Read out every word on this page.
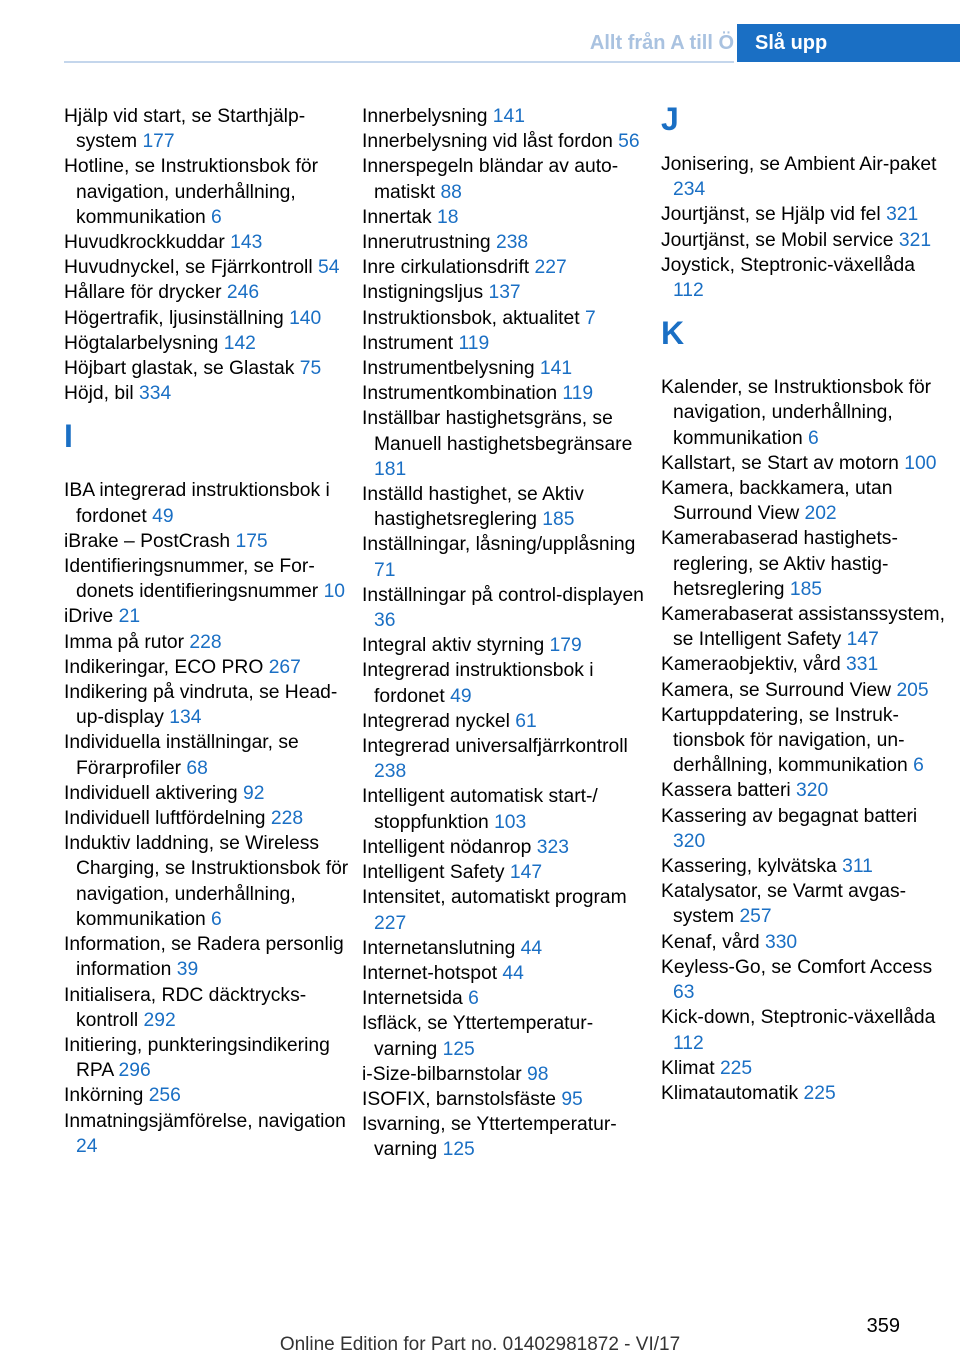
Allt från A till Ö	Slå upp

Hjälp vid start, se Starthjälpsystem 177

Hotline, se Instruktionsbok för navigation, underhållning, kommunikation 6

Huvudkrockkuddar 143

Huvudnyckel, se Fjärrkontroll 54

Hållare för drycker 246

Högertrafik, ljusinställning 140

Högtalarbelysning 142

Höjbart glastak, se Glastak 75

Höjd, bil 334

I

IBA integrerad instruktionsbok i fordonet 49

iBrake – PostCrash 175

Identifieringsnummer, se Fordonets identifieringsnummer 10

iDrive 21

Imma på rutor 228

Indikeringar, ECO PRO 267

Indikering på vindruta, se Head-up-display 134

Individuella inställningar, se Förarprofiler 68

Individuell aktivering 92

Individuell luftfördelning 228

Induktiv laddning, se Wireless Charging, se Instruktionsbok för navigation, underhållning, kommunikation 6

Information, se Radera personlig information 39

Initialisera, RDC däcktryckskontroll 292

Initiering, punkteringsindikering RPA 296

Inkörning 256

Inmatningsjämförelse, navigation 24

Innerbelysning 141

Innerbelysning vid låst fordon 56

Innerspegeln bländar av automatiskt 88

Innertak 18

Innerutrustning 238

Inre cirkulationsdrift 227

Instigningsljus 137

Instruktionsbok, aktualitet 7

Instrument 119

Instrumentbelysning 141

Instrumentkombination 119

Inställbar hastighetsgräns, se Manuell hastighetsbegränsare 181

Inställd hastighet, se Aktiv hastighetsreglering 185

Inställningar, låsning/upplåsning 71

Inställningar på control-displayen 36

Integral aktiv styrning 179

Integrerad instruktionsbok i fordonet 49

Integrerad nyckel 61

Integrerad universalfjärrkontroll 238

Intelligent automatisk start-/ stoppfunktion 103

Intelligent nödanrop 323

Intelligent Safety 147

Intensitet, automatiskt program 227

Internetanslutning 44

Internet-hotspot 44

Internetsida 6

Isfläck, se Yttertemperaturvarning 125

i-Size-bilbarnstolar 98

ISOFIX, barnstolsfäste 95

Isvarning, se Yttertemperaturvarning 125

J

Jonisering, se Ambient Air-paket 234

Jourtjänst, se Hjälp vid fel 321

Jourtjänst, se Mobil service 321

Joystick, Steptronic-växellåda 112

K

Kalender, se Instruktionsbok för navigation, underhållning, kommunikation 6

Kallstart, se Start av motorn 100

Kamera, backkamera, utan Surround View 202

Kamerabaserad hastighetsreglering, se Aktiv hastighetsreglering 185

Kamerabaserat assistanssystem, se Intelligent Safety 147

Kameraobjektiv, vård 331

Kamera, se Surround View 205

Kartuppdatering, se Instruktionsbok för navigation, underhållning, kommunikation 6

Kassera batteri 320

Kassering av begagnat batteri 320

Kassering, kylvätska 311

Katalysator, se Varmt avgassystem 257

Kenaf, vård 330

Keyless-Go, se Comfort Access 63

Kick-down, Steptronic-växellåda 112

Klimat 225

Klimatautomatik 225

359
Online Edition for Part no. 01402981872 - VI/17
